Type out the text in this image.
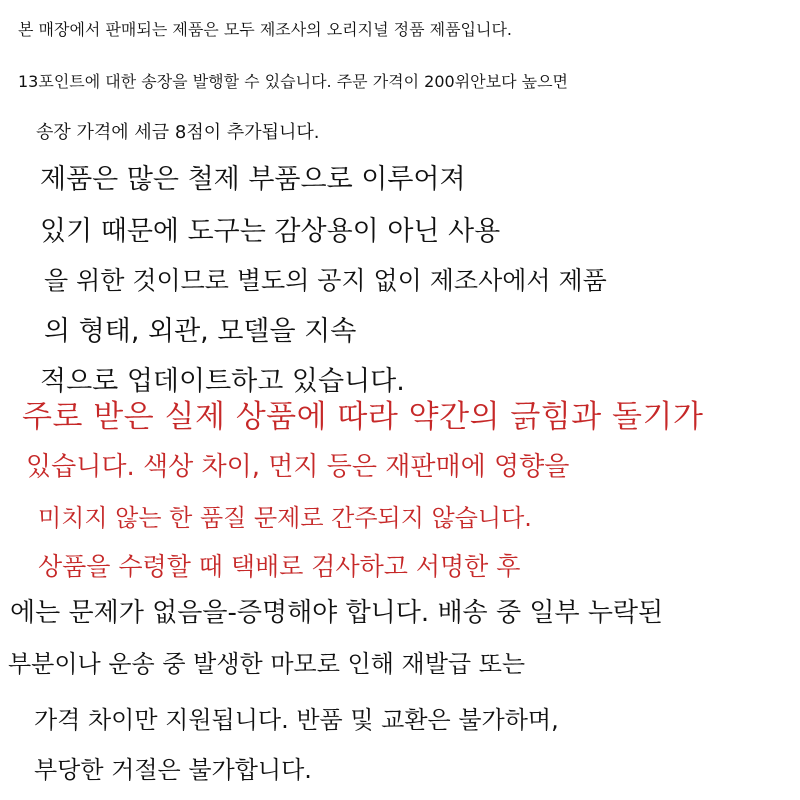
본 매장에서 판매되는 제품은 모두 제조사의 오리지널 정품 제품입니다.
13포인트에 대한 송장을 발행할 수 있습니다. 주문 가격이 200위안보다 높으면
송장 가격에 세금 8점이 추가됩니다.
제품은 많은 철제 부품으로 이루어져
있기 때문에 도구는 감상용이 아닌 사용
을 위한 것이므로 별도의 공지 없이 제조사에서 제품
의 형태, 외관, 모델을 지속
적으로 업데이트하고 있습니다.
주로 받은 실제 상품에 따라 약간의 긁힘과 돌기가
있습니다. 색상 차이, 먼지 등은 재판매에 영향을
미치지 않는 한 품질 문제로 간주되지 않습니다.
상품을 수령할 때 택배로 검사하고 서명한 후
에는 문제가 없음을-증명해야 합니다. 배송 중 일부 누락된
부분이나 운송 중 발생한 마모로 인해 재발급 또는
가격 차이만 지원됩니다. 반품 및 교환은 불가하며,
부당한 거절은 불가합니다.
